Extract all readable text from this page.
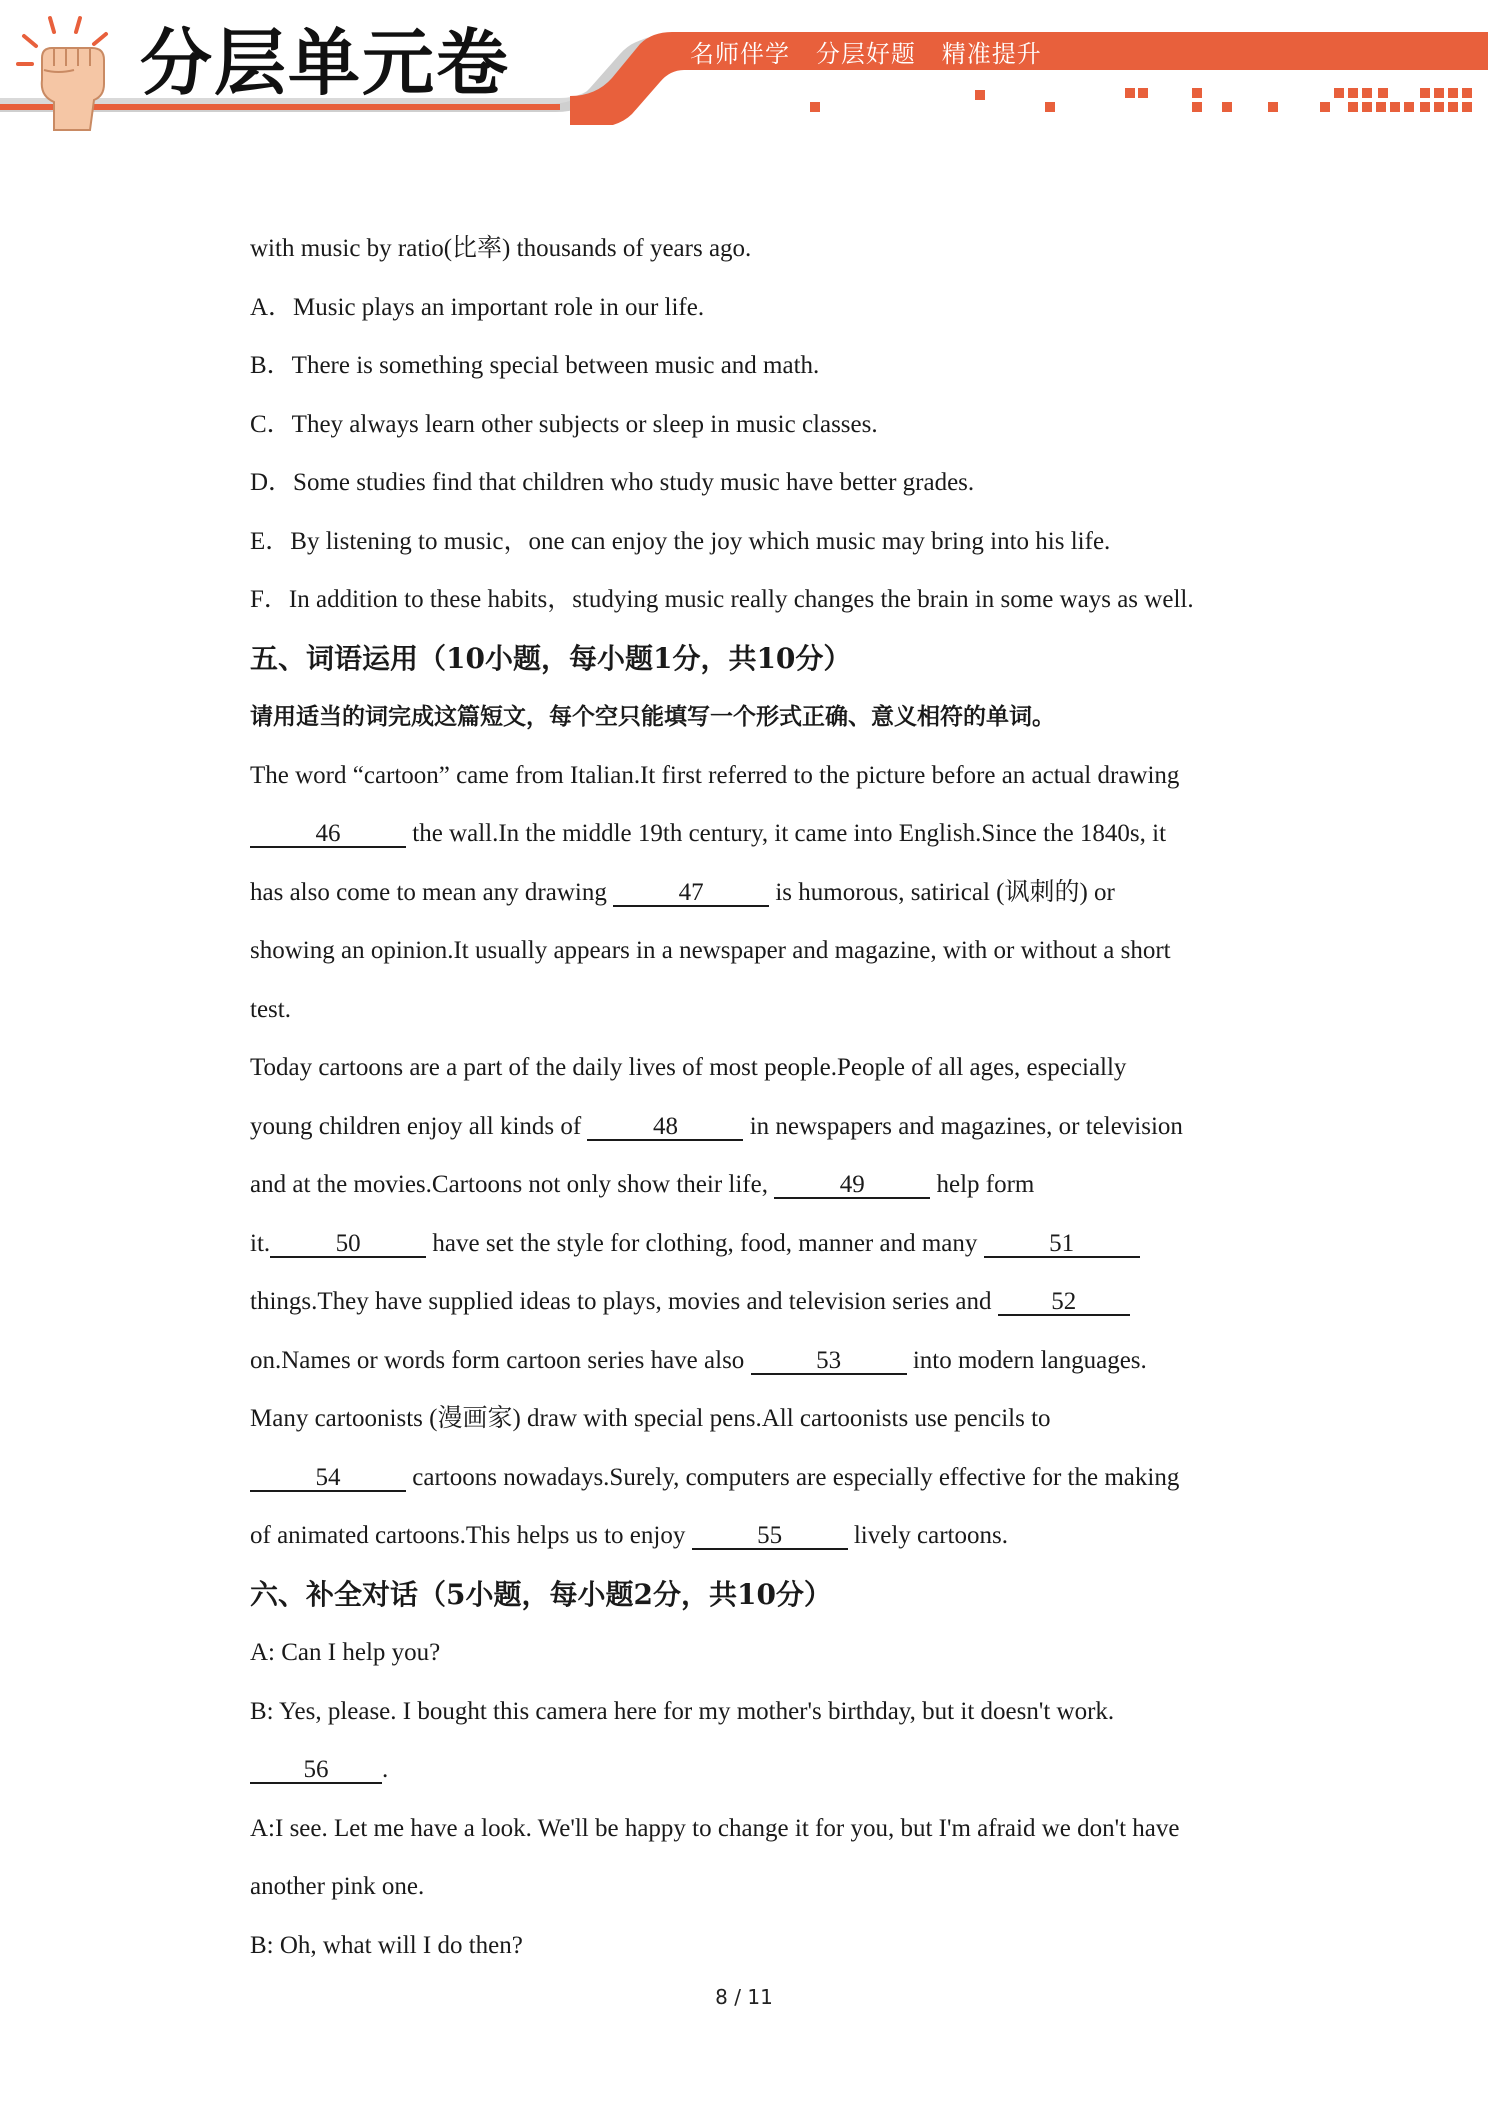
分层单元卷	名师伴学   分层好题   精准提升
with music by ratio(比率) thousands of years ago.
A．Music plays an important role in our life.
B．There is something special between music and math.
C．They always learn other subjects or sleep in music classes.
D．Some studies find that children who study music have better grades.
E．By listening to music，one can enjoy the joy which music may bring into his life.
F．In addition to these habits，studying music really changes the brain in some ways as well.
五、词语运用（10小题，每小题1分，共10分）
请用适当的词完成这篇短文，每个空只能填写一个形式正确、意义相符的单词。
The word “cartoon” came from Italian.It first referred to the picture before an actual drawing
46	the wall.In the middle 19th century, it came into English.Since the 1840s, it
has also come to mean any drawing	47	is humorous, satirical (讽刺的) or
showing an opinion.It usually appears in a newspaper and magazine, with or without a short
test.
Today cartoons are a part of the daily lives of most people.People of all ages, especially
young children enjoy all kinds of	48	in newspapers and magazines, or television
and at the movies.Cartoons not only show their life,	49	help form
it.	50	have set the style for clothing, food, manner and many	51
things.They have supplied ideas to plays, movies and television series and 52
on.Names or words form cartoon series have also	53	into modern languages.
Many cartoonists (漫画家) draw with special pens.All cartoonists use pencils to
54	cartoons nowadays.Surely, computers are especially effective for the making
of animated cartoons.This helps us to enjoy	55	lively cartoons.
六、补全对话（5小题，每小题2分，共10分）
A: Can I help you?
B: Yes, please. I bought this camera here for my mother's birthday, but it doesn't work.
56 .
A:I see. Let me have a look. We'll be happy to change it for you, but I'm afraid we don't have
another pink one.
B: Oh, what will I do then?
8 / 11
